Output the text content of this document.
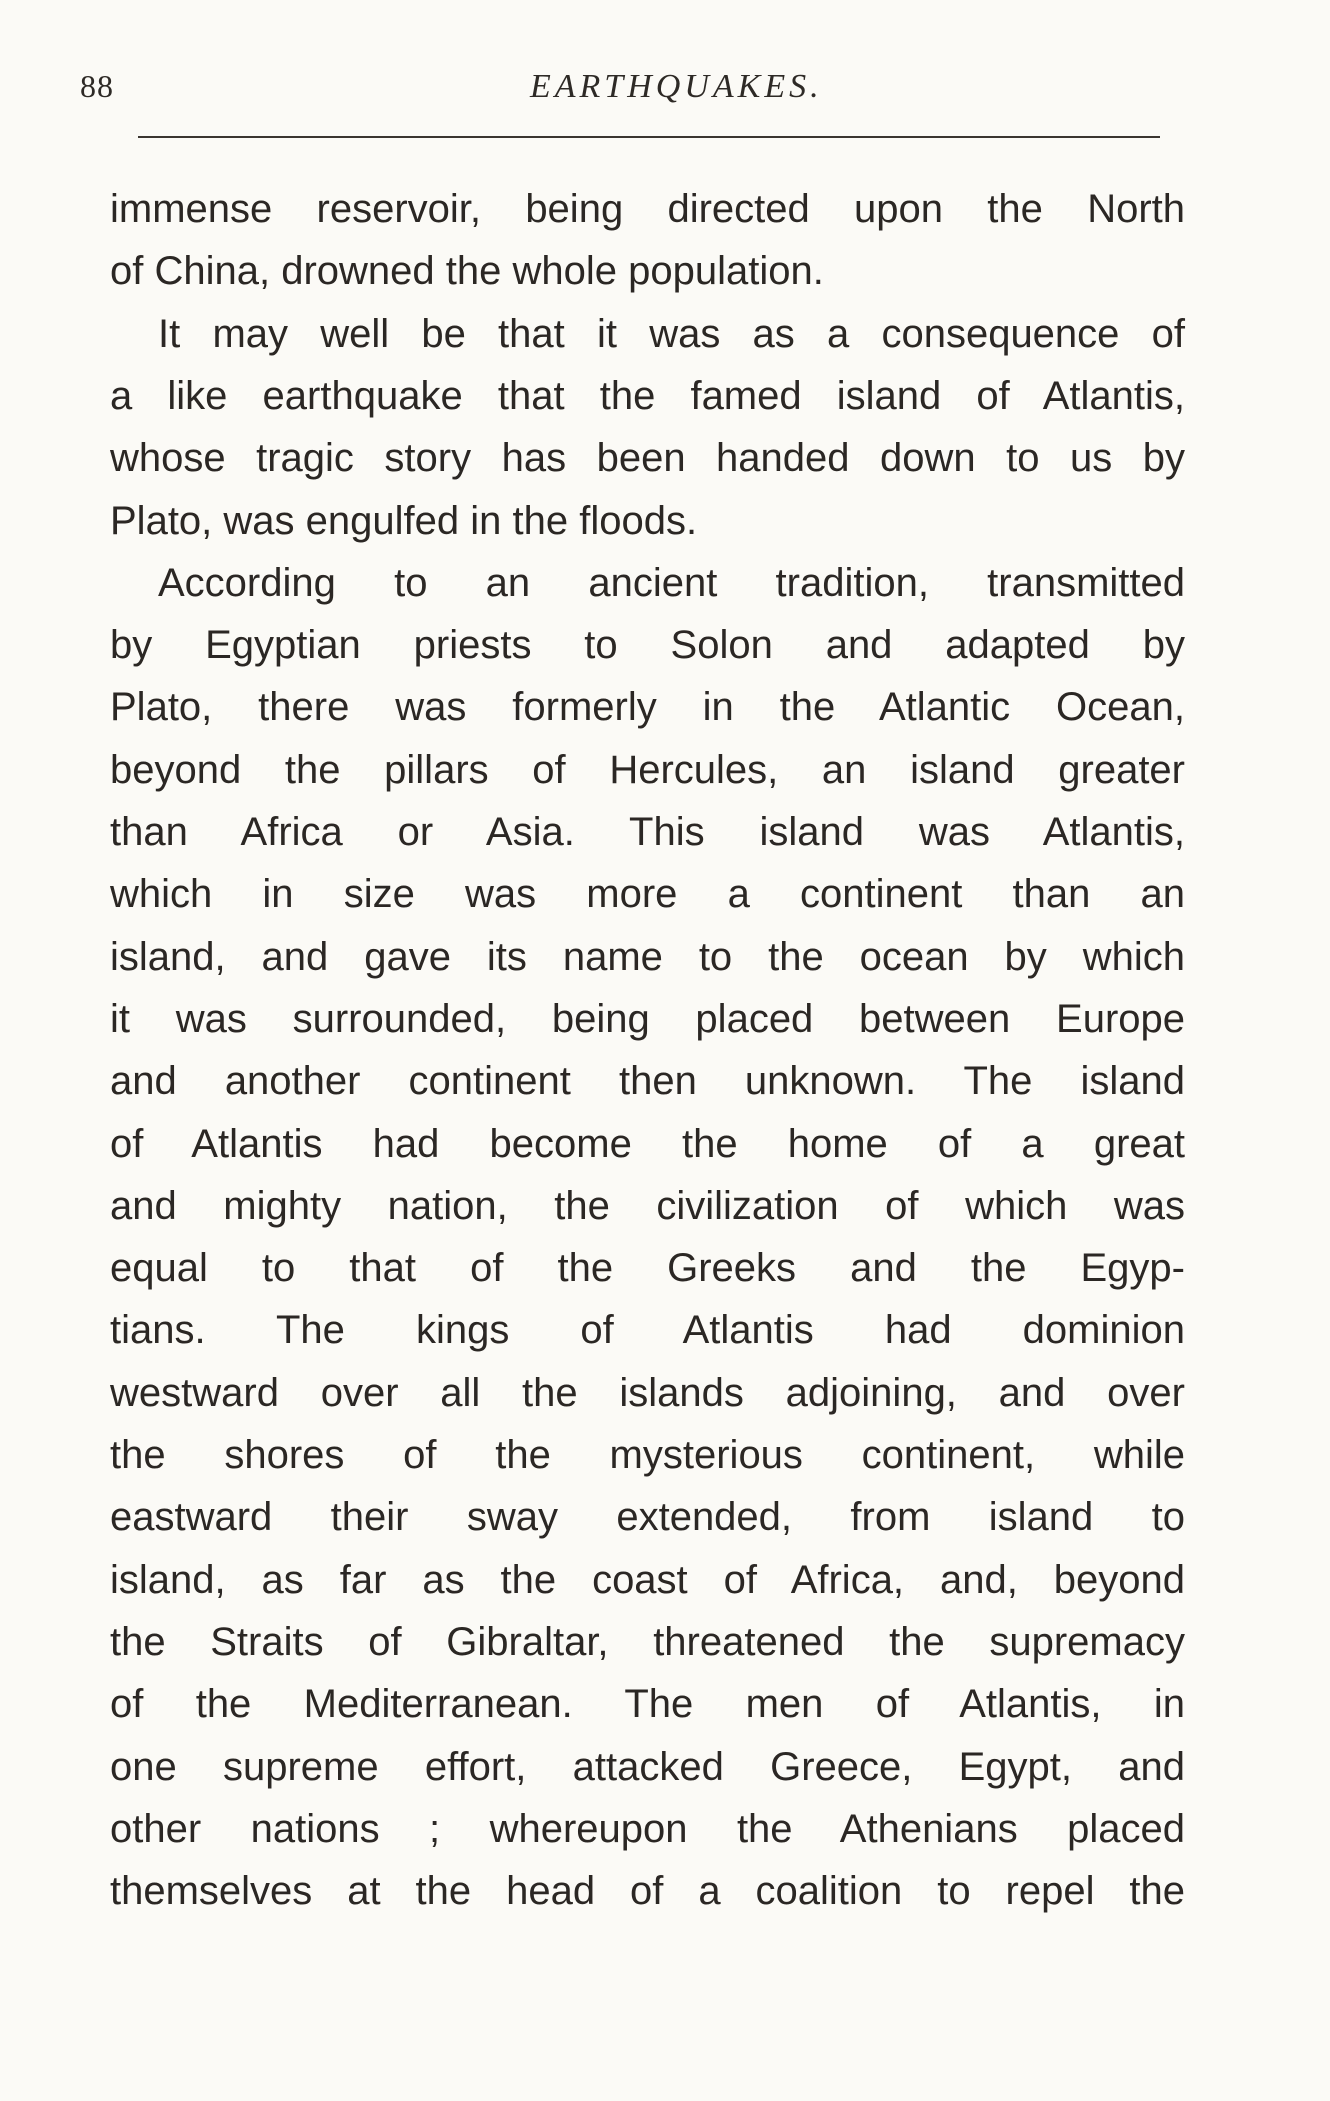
88	EARTHQUAKES.
immense reservoir, being directed upon the North
of China, drowned the whole population.
It may well be that it was as a consequence of
a like earthquake that the famed island of Atlantis,
whose tragic story has been handed down to us by
Plato, was engulfed in the floods.
According to an ancient tradition, transmitted
by Egyptian priests to Solon and adapted by
Plato, there was formerly in the Atlantic Ocean,
beyond the pillars of Hercules, an island greater
than Africa or Asia. This island was Atlantis,
which in size was more a continent than an
island, and gave its name to the ocean by which
it was surrounded, being placed between Europe
and another continent then unknown. The island
of Atlantis had become the home of a great
and mighty nation, the civilization of which was
equal to that of the Greeks and the Egyp-
tians. The kings of Atlantis had dominion
westward over all the islands adjoining, and over
the shores of the mysterious continent, while
eastward their sway extended, from island to
island, as far as the coast of Africa, and, beyond
the Straits of Gibraltar, threatened the supremacy
of the Mediterranean. The men of Atlantis, in
one supreme effort, attacked Greece, Egypt, and
other nations ; whereupon the Athenians placed
themselves at the head of a coalition to repel the
